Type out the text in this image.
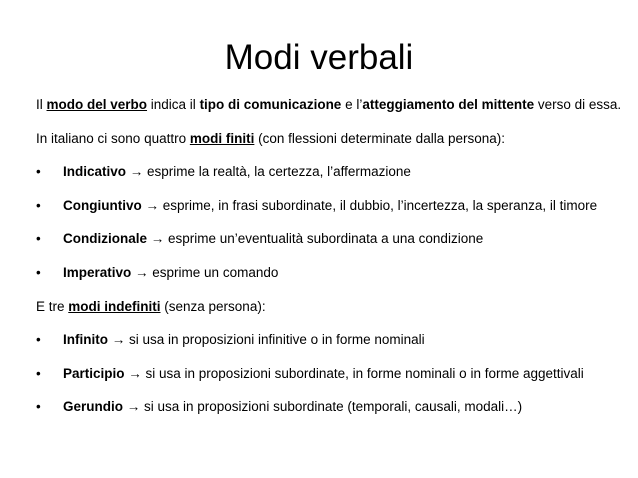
Modi verbali
Il modo del verbo indica il tipo di comunicazione e l’atteggiamento del mittente verso di essa.
In italiano ci sono quattro modi finiti (con flessioni determinate dalla persona):
• Indicativo → esprime la realtà, la certezza, l’affermazione
• Congiuntivo → esprime, in frasi subordinate, il dubbio, l’incertezza, la speranza, il timore
• Condizionale → esprime un’eventualità subordinata a una condizione
• Imperativo → esprime un comando
E tre modi indefiniti (senza persona):
• Infinito → si usa in proposizioni infinitive o in forme nominali
• Participio → si usa in proposizioni subordinate, in forme nominali o in forme aggettivali
• Gerundio → si usa in proposizioni subordinate (temporali, causali, modali…)
